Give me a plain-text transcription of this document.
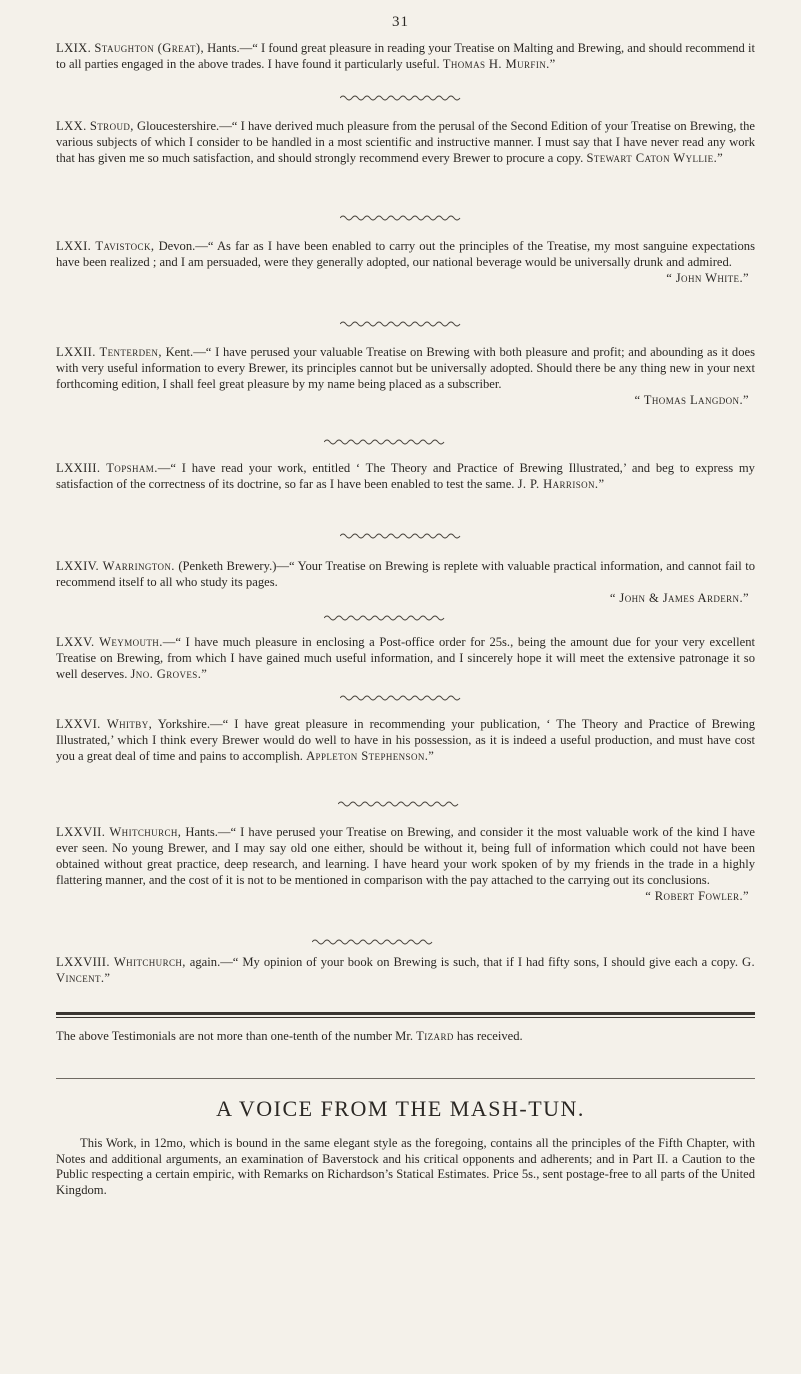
31

LXIX. Staughton (Great), Hants.—“ I found great pleasure in reading your Treatise on Malting and Brewing, and should recommend it to all parties engaged in the above trades. I have found it particularly useful. Thomas H. Murfin.”

LXX. Stroud, Gloucestershire.—“ I have derived much pleasure from the perusal of the Second Edition of your Treatise on Brewing, the various subjects of which I consider to be handled in a most scientific and instructive manner. I must say that I have never read any work that has given me so much satisfaction, and should strongly recommend every Brewer to procure a copy. Stewart Caton Wyllie.”

LXXI. Tavistock, Devon.—“ As far as I have been enabled to carry out the principles of the Treatise, my most sanguine expectations have been realized ; and I am persuaded, were they generally adopted, our national beverage would be universally drunk and admired.

“ John White.”

LXXII. Tenterden, Kent.—“ I have perused your valuable Treatise on Brewing with both pleasure and profit; and abounding as it does with very useful information to every Brewer, its principles cannot but be universally adopted. Should there be any thing new in your next forthcoming edition, I shall feel great pleasure by my name being placed as a subscriber.

“ Thomas Langdon.”

LXXIII. Topsham.—“ I have read your work, entitled ‘ The Theory and Practice of Brewing Illustrated,’ and beg to express my satisfaction of the correctness of its doctrine, so far as I have been enabled to test the same. J. P. Harrison.”

LXXIV. Warrington. (Penketh Brewery.)—“ Your Treatise on Brewing is replete with valuable practical information, and cannot fail to recommend itself to all who study its pages.

“ John & James Ardern.”

LXXV. Weymouth.—“ I have much pleasure in enclosing a Post-office order for 25s., being the amount due for your very excellent Treatise on Brewing, from which I have gained much useful information, and I sincerely hope it will meet the extensive patronage it so well deserves. Jno. Groves.”

LXXVI. Whitby, Yorkshire.—“ I have great pleasure in recommending your publication, ‘ The Theory and Practice of Brewing Illustrated,’ which I think every Brewer would do well to have in his possession, as it is indeed a useful production, and must have cost you a great deal of time and pains to accomplish. Appleton Stephenson.”

LXXVII. Whitchurch, Hants.—“ I have perused your Treatise on Brewing, and consider it the most valuable work of the kind I have ever seen. No young Brewer, and I may say old one either, should be without it, being full of information which could not have been obtained without great practice, deep research, and learning. I have heard your work spoken of by my friends in the trade in a highly flattering manner, and the cost of it is not to be mentioned in comparison with the pay attached to the carrying out its conclusions.

“ Robert Fowler.”

LXXVIII. Whitchurch, again.—“ My opinion of your book on Brewing is such, that if I had fifty sons, I should give each a copy. G. Vincent.”

The above Testimonials are not more than one-tenth of the number Mr. Tizard has received.

A VOICE FROM THE MASH-TUN.

This Work, in 12mo, which is bound in the same elegant style as the foregoing, contains all the principles of the Fifth Chapter, with Notes and additional arguments, an examination of Baverstock and his critical opponents and adherents; and in Part II. a Caution to the Public respecting a certain empiric, with Remarks on Richardson’s Statical Estimates. Price 5s., sent postage-free to all parts of the United Kingdom.
